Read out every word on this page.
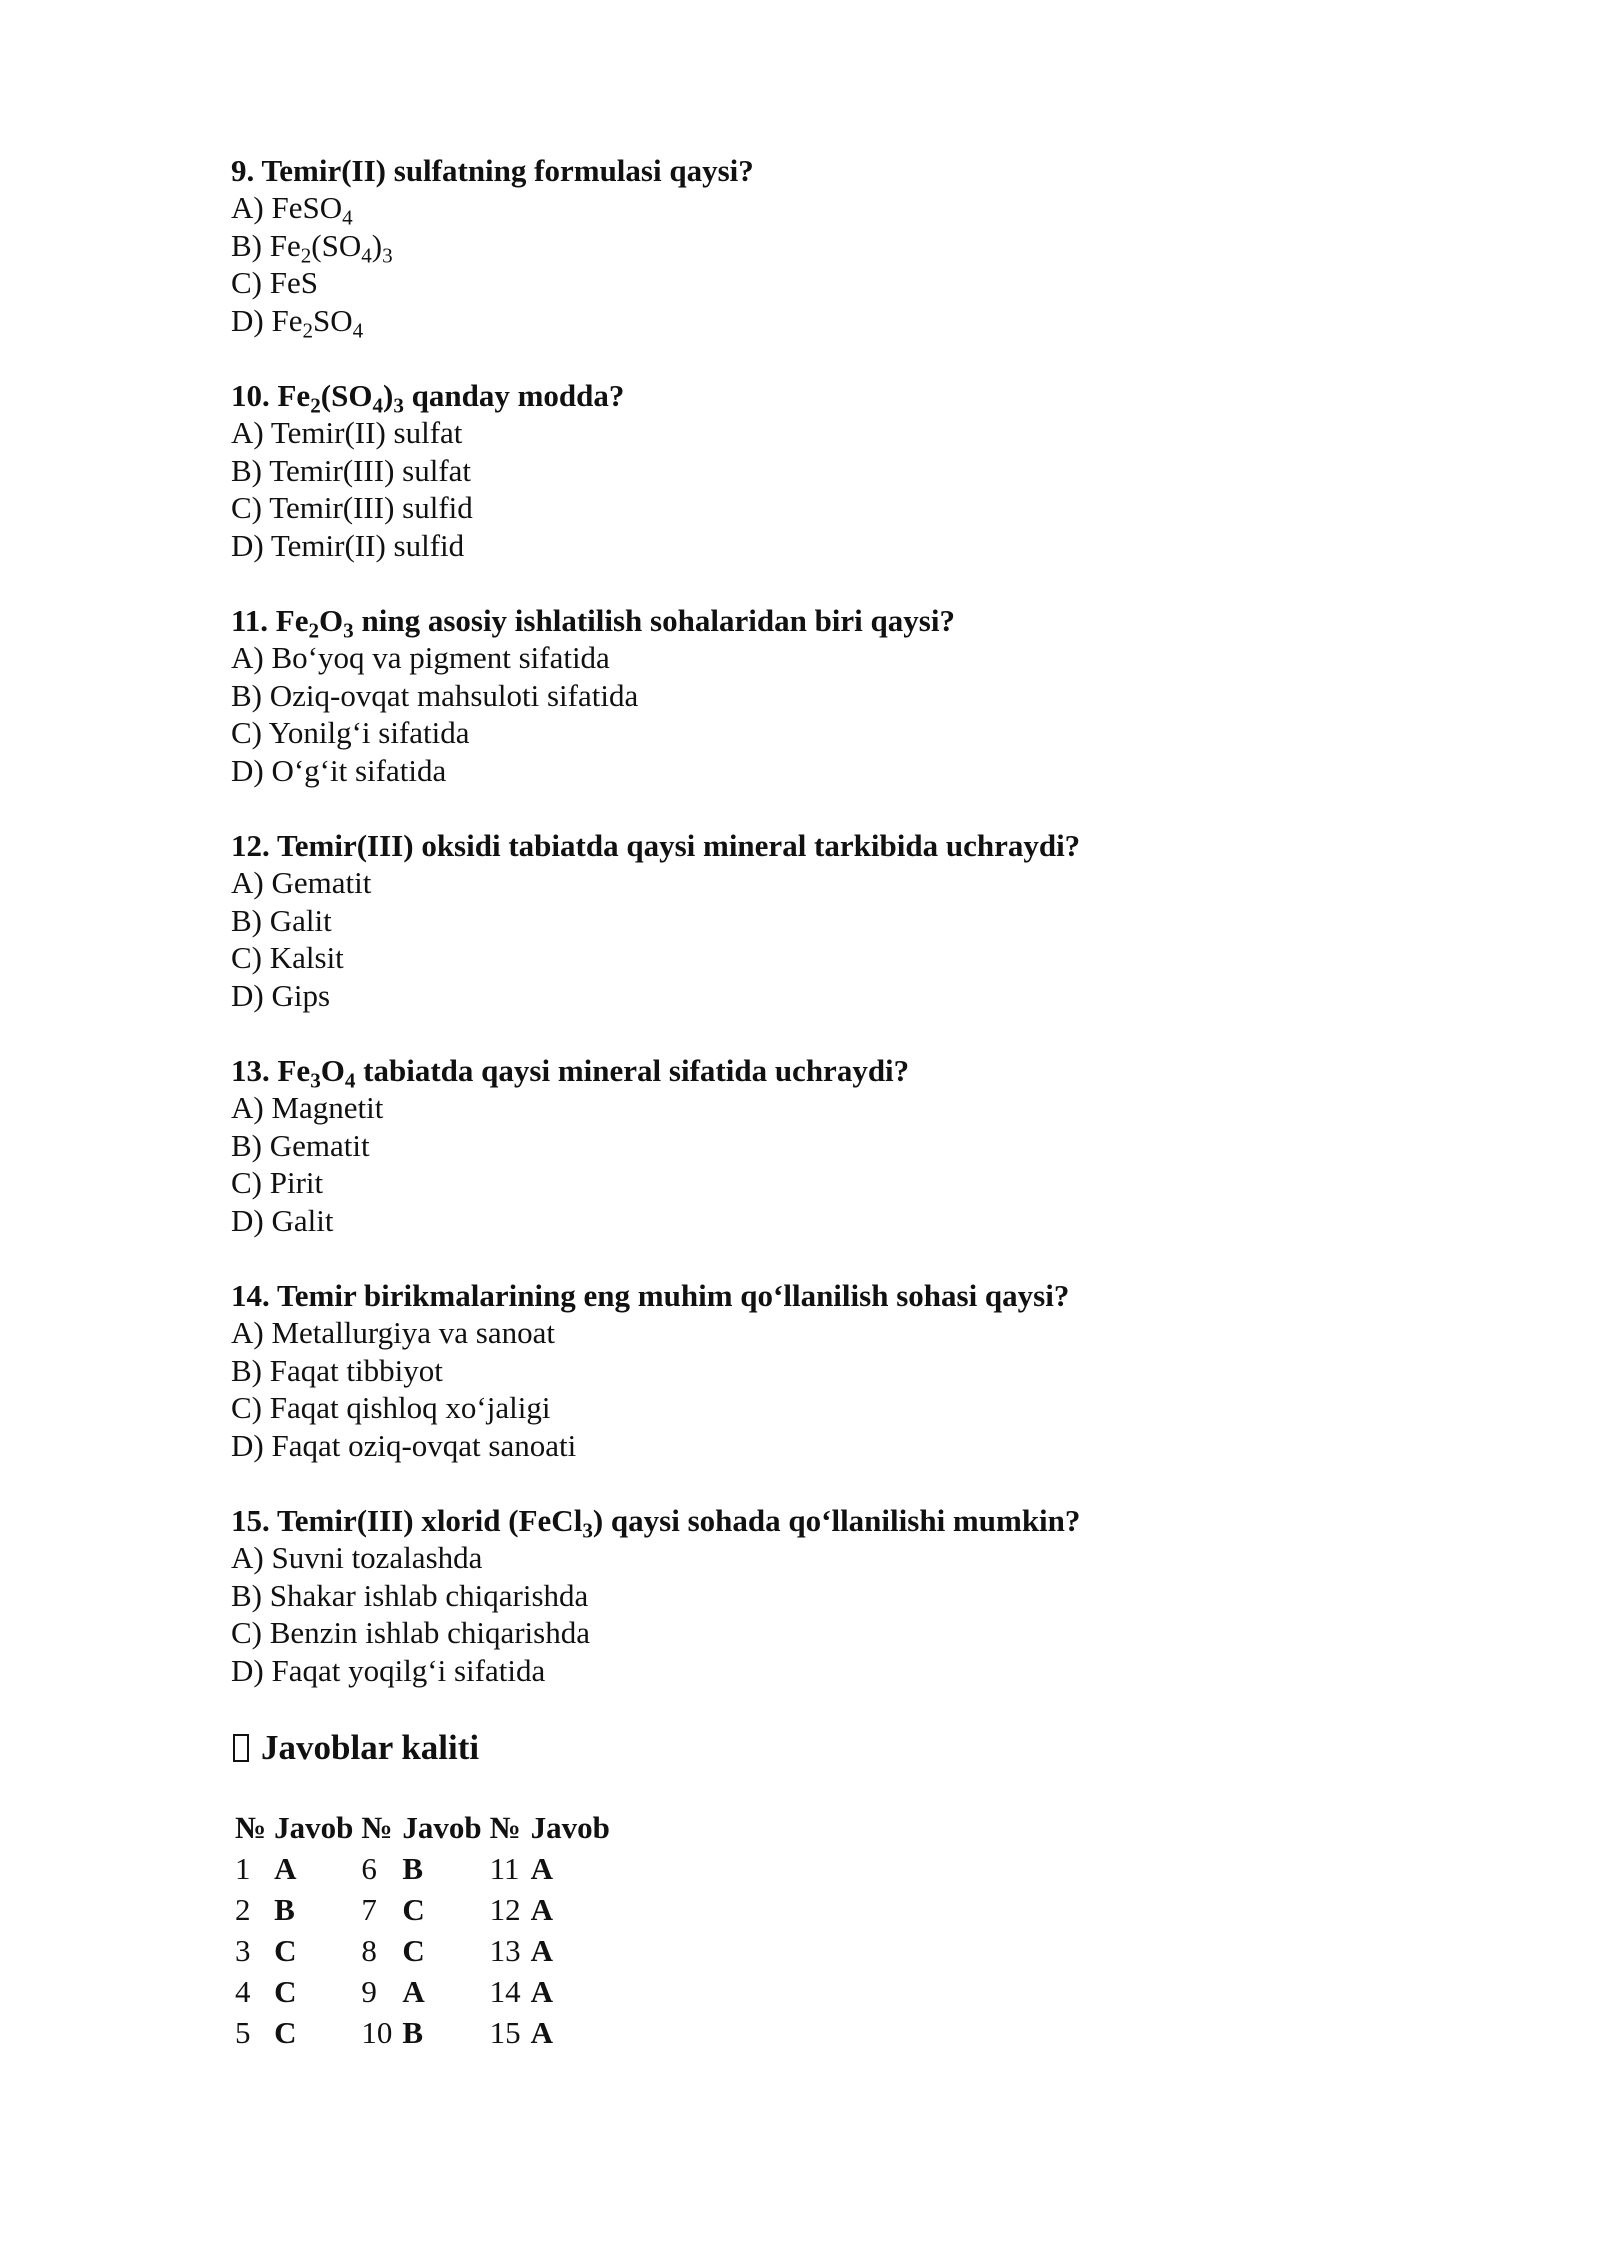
9. Temir(II) sulfatning formulasi qaysi?
A) FeSO$_4$
B) $Fe_2(SO_4)_3$
C) FeS
D) $Fe_2SO_4$
10. $Fe_2(SO_4)_3$ qanday modda?
A) Temir(II) sulfat
B) Temir(III) sulfat
C) Temir(III) sulfid
D) Temir(II) sulfid
11. $Fe_2O_3$ ning asosiy ishlatilish sohalaridan biri qaysi?
A) Bo‘yoq va pigment sifatida
B) Oziq-ovqat mahsuloti sifatida
C) Yonilg‘i sifatida
D) O‘g‘it sifatida
12. Temir(III) oksidi tabiatda qaysi mineral tarkibida uchraydi?
A) Gematit
B) Galit
C) Kalsit
D) Gips
13. $Fe_3O_4$ tabiatda qaysi mineral sifatida uchraydi?
A) Magnetit
B) Gematit
C) Pirit
D) Galit
14. Temir birikmalarining eng muhim qo‘llanilish sohasi qaysi?
A) Metallurgiya va sanoat
B) Faqat tibbiyot
C) Faqat qishloq xo‘jaligi
D) Faqat oziq-ovqat sanoati
15. Temir(III) xlorid (FeCl$_3$) qaysi sohada qo‘llanilishi mumkin?
A) Suvni tozalashda
B) Shakar ishlab chiqarishda
C) Benzin ishlab chiqarishda
D) Faqat yoqilg‘i sifatida
Javoblar kaliti
№	Javob	№	Javob	№	Javob
1	A	6	B	11	A
2	B	7	C	12	A
3	C	8	C	13	A
4	C	9	A	14	A
5	C	10	B	15	A
